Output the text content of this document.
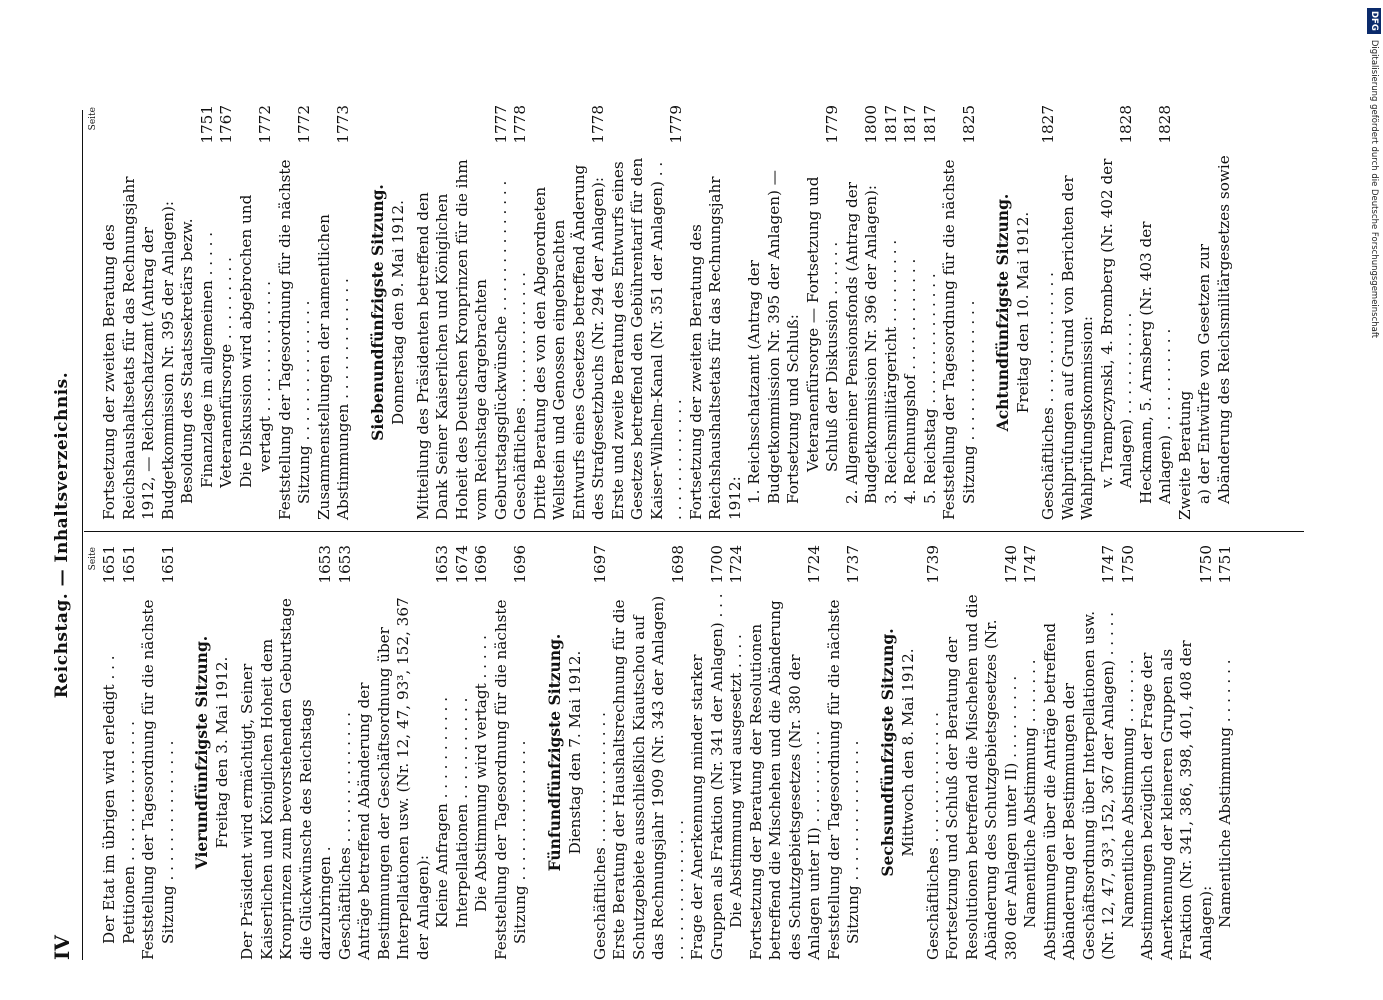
IV
Reichstag. — Inhaltsverzeichnis. Seite
Der Etat im übrigen wird erledigt . . .
1651
Petitionen . . . . . . . . . . . . . . .
1651
Feststellung der Tagesordnung für die nächste Sitzung . . . . . . . . . . . . . . .
1651
Vierundfünfzigste Sitzung. Freitag den 3. Mai 1912. Der Präsident wird ermächtigt, Seiner Kaiserlichen und Königlichen Hoheit dem Kronprinzen zum bevorstehenden Geburtstage die Glückwünsche des Reichstags darzubringen .
1653
Geschäftliches . . . . . . . . . . . . . .
1653
Anträge betreffend Abänderung der Bestimmungen der Geschäftsordnung über Interpellationen usw. (Nr. 12, 47, 93³, 152, 367 der Anlagen): Kleine Anfragen . . . . . . . . . . .
1653
Interpellationen . . . . . . . . . . .
1674
Die Abstimmung wird vertagt . . . . .
1696
Feststellung der Tagesordnung für die nächste Sitzung . . . . . . . . . . . . . . .
1696
Fünfundfünfzigste Sitzung. Dienstag den 7. Mai 1912. Geschäftliches . . . . . . . . . . . . . .
1697
Erste Beratung der Haushaltsrechnung für die Schutzgebiete ausschließlich Kiautschou auf das Rechnungsjahr 1909 (Nr. 343 der Anlagen) . . . . . . . . . . . . . . .
1698
Frage der Anerkennung minder starker Gruppen als Fraktion (Nr. 341 der Anlagen) . . .
1700
Die Abstimmung wird ausgesetzt . . . .
1724
Fortsetzung der Beratung der Resolutionen betreffend die Mischehen und die Abänderung des Schutzgebietsgesetzes (Nr. 380 der Anlagen unter II) . . . . . . . . . .
1724
Feststellung der Tagesordnung für die nächste Sitzung . . . . . . . . . . . . . . .
1737
Sechsundfünfzigste Sitzung. Mittwoch den 8. Mai 1912. Geschäftliches . . . . . . . . . . . . . .
1739
Fortsetzung und Schluß der Beratung der Resolutionen betreffend die Mischehen und die Abänderung des Schutzgebietsgesetzes (Nr. 380 der Anlagen unter II) . . . . . . . . .
1740
Namentliche Abstimmung . . . . . . .
1747
Abstimmungen über die Anträge betreffend Abänderung der Bestimmungen der Geschäftsordnung über Interpellationen usw. (Nr. 12, 47, 93³, 152, 367 der Anlagen) . . . . .
1747
Namentliche Abstimmung . . . . . . .
1750
Abstimmungen bezüglich der Frage der Anerkennung der kleineren Gruppen als Fraktion (Nr. 341, 386, 398, 401, 408 der Anlagen):
1750
Namentliche Abstimmung . . . . . . .
1751
Seite
Fortsetzung der zweiten Beratung des Reichshaushaltsetats für das Rechnungsjahr 1912, — Reichsschatzamt (Antrag der Budgetkommission Nr. 395 der Anlagen): Besoldung des Staatssekretärs bezw. Finanzlage im allgemeinen . . . . .
1751
Veteranenfürsorge . . . . . . . . .
1767
Die Diskussion wird abgebrochen und vertagt . . . . . . . . . . . . . .
1772
Feststellung der Tagesordnung für die nächste Sitzung . . . . . . . . . . . . . . .
1772
Zusammenstellungen der namentlichen Abstimmungen . . . . . . . . . . . . .
1773
Siebenundfünfzigste Sitzung. Donnerstag den 9. Mai 1912. Mitteilung des Präsidenten betreffend den Dank Seiner Kaiserlichen und Königlichen Hoheit des Deutschen Kronprinzen für die ihm vom Reichstage dargebrachten Geburtstagsglückwünsche . . . . . . . . . . . . . .
1777
Geschäftliches . . . . . . . . . . . . . .
1778
Dritte Beratung des von den Abgeordneten Wellstein und Genossen eingebrachten Entwurfs eines Gesetzes betreffend Änderung des Strafgesetzbuchs (Nr. 294 der Anlagen):
1778
Erste und zweite Beratung des Entwurfs eines Gesetzes betreffend den Gebührentarif für den Kaiser-Wilhelm-Kanal (Nr. 351 der Anlagen) . . . . . . . . . . . . . . .
1779
Fortsetzung der zweiten Beratung des Reichshaushaltsetats für das Rechnungsjahr 1912: 1. Reichsschatzamt (Antrag der Budgetkommission Nr. 395 der Anlagen) — Fortsetzung und Schluß: Veteranenfürsorge — Fortsetzung und Schluß der Diskussion . . . . . .
1779
2. Allgemeiner Pensionsfonds (Antrag der Budgetkommission Nr. 396 der Anlagen):
1800
3. Reichsmilitärgericht . . . . . . . . .
1817
4. Rechnungshof . . . . . . . . . . . .
1817
5. Reichstag . . . . . . . . . . . . . .
1817
Feststellung der Tagesordnung für die nächste Sitzung . . . . . . . . . . . . . . .
1825
Achtundfünfzigste Sitzung. Freitag den 10. Mai 1912. Geschäftliches . . . . . . . . . . . . . .
1827
Wahlprüfungen auf Grund von Berichten der Wahlprüfungskommission: v. Trampczynski, 4. Bromberg (Nr. 402 der Anlagen) . . . . . . . . . . .
1828
Heckmann, 5. Arnsberg (Nr. 403 der Anlagen) . . . . . . . . . . .
1828
Zweite Beratung a) der Entwürfe von Gesetzen zur Abänderung des Reichsmilitärgesetzes sowie
DFGDigitalisierung gefördert durch die Deutsche Forschungsgemeinschaft
